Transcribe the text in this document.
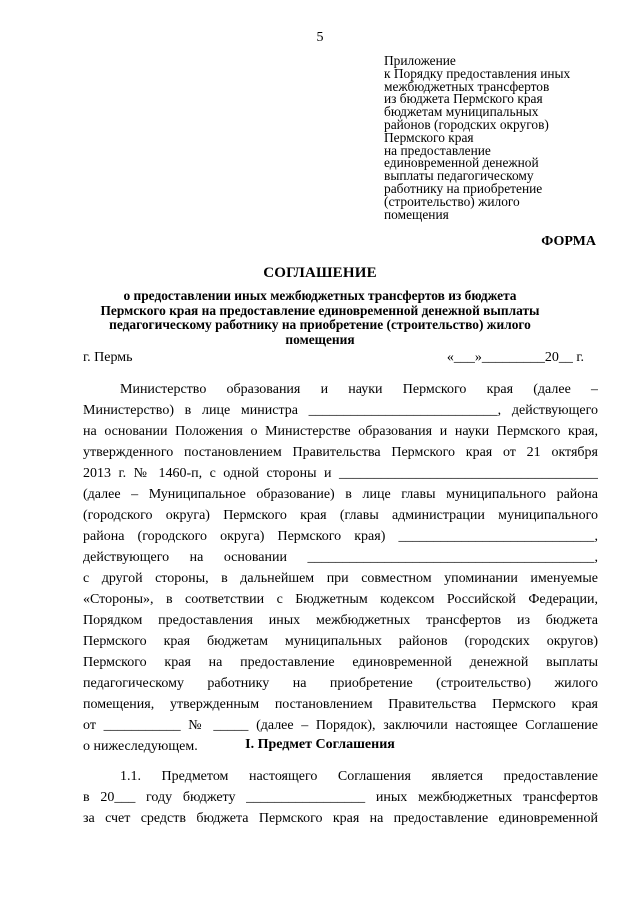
5
Приложение
к Порядку предоставления иных
межбюджетных трансфертов
из бюджета Пермского края
бюджетам муниципальных
районов (городских округов)
Пермского края
на предоставление
единовременной денежной
выплаты педагогическому
работнику на приобретение
(строительство) жилого
помещения
ФОРМА
СОГЛАШЕНИЕ
о предоставлении иных межбюджетных трансфертов из бюджета
Пермского края на предоставление единовременной денежной выплаты
педагогическому работнику на приобретение (строительство) жилого
помещения
г. Пермь	«___»_________20__ г.
Министерство образования и науки Пермского края (далее –
Министерство) в лице министра ___________________________, действующего
на основании Положения о Министерстве образования и науки Пермского края,
утвержденного постановлением Правительства Пермского края от 21 октября
2013 г. № 1460-п, с одной стороны и _____________________________________
(далее – Муниципальное образование) в лице главы муниципального района
(городского округа) Пермского края (главы администрации муниципального
района (городского округа) Пермского края) ____________________________,
действующего на основании _________________________________________,
с другой стороны, в дальнейшем при совместном упоминании именуемые
«Стороны», в соответствии с Бюджетным кодексом Российской Федерации,
Порядком предоставления иных межбюджетных трансфертов из бюджета
Пермского края бюджетам муниципальных районов (городских округов)
Пермского края на предоставление единовременной денежной выплаты
педагогическому работнику на приобретение (строительство) жилого
помещения, утвержденным постановлением Правительства Пермского края
от ___________ № _____ (далее – Порядок), заключили настоящее Соглашение
о нижеследующем.	I. Предмет Соглашения
1.1. Предметом настоящего Соглашения является предоставление
в 20___ году бюджету _________________ иных межбюджетных трансфертов
за счет средств бюджета Пермского края на предоставление единовременной
